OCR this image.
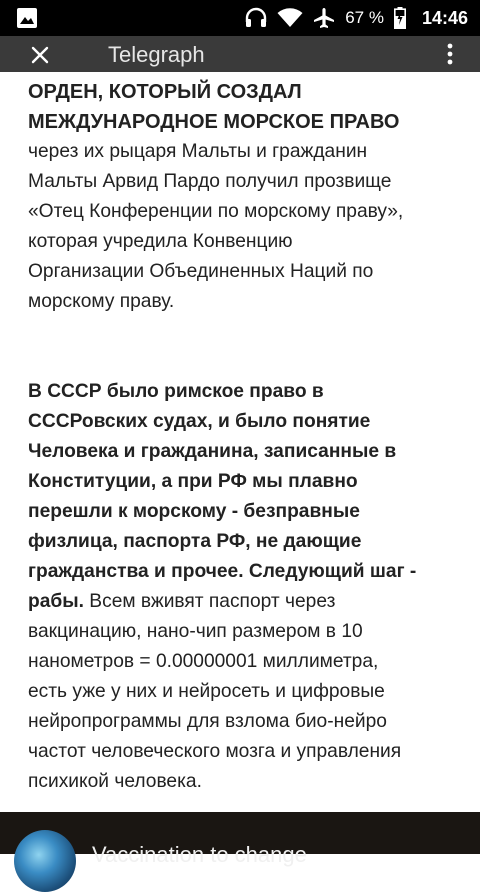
67 % 14:46
Telegraph

ОРДЕН, КОТОРЫЙ СОЗДАЛ
МЕЖДУНАРОДНОЕ МОРСКОЕ ПРАВО

через их рыцаря Мальты и гражданин
Мальты Арвид Пардо получил прозвище
«Отец Конференции по морскому праву»,
которая учредила Конвенцию
Организации Объединенных Наций по
морскому праву.

В СССР было римское право в
СССРовских судах, и было понятие
Человека и гражданина, записанные в
Конституции, а при РФ мы плавно
перешли к морскому - безправные
физлица, паспорта РФ, не дающие
гражданства и прочее. Следующий шаг -
рабы. Всем вживят паспорт через
вакцинацию, нано-чип размером в 10
нанометров = 0.00000001 миллиметра,
есть уже у них и нейросеть и цифровые
нейропрограммы для взлома био-нейро
частот человеческого мозга и управления
психикой человека.

Vaccination to change
